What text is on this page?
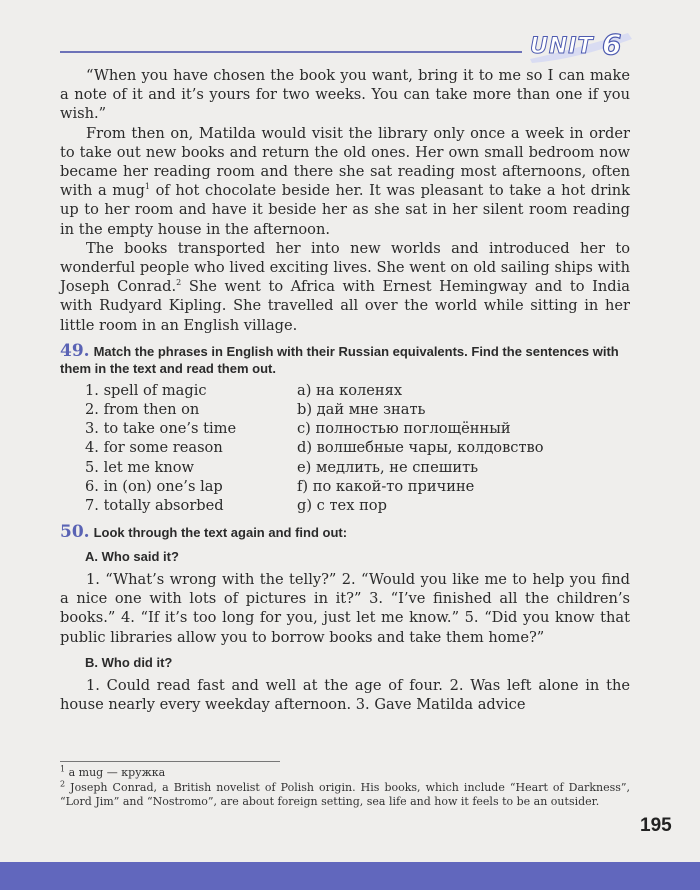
UNIT 6

“When you have chosen the book you want, bring it to me so I can make a note of it and it’s yours for two weeks. You can take more than one if you wish.”

From then on, Matilda would visit the library only once a week in order to take out new books and return the old ones. Her own small bedroom now became her reading room and there she sat reading most afternoons, often with a mug$^1$ of hot chocolate beside her. It was pleasant to take a hot drink up to her room and have it beside her as she sat in her silent room reading in the empty house in the afternoon.

The books transported her into new worlds and introduced her to wonderful people who lived exciting lives. She went on old sailing ships with Joseph Conrad.$^2$ She went to Africa with Ernest Hemingway and to India with Rudyard Kipling. She travelled all over the world while sitting in her little room in an English village.

49. Match the phrases in English with their Russian equivalents. Find the sentences with them in the text and read them out.
1. spell of magic
2. from then on
3. to take one’s time
4. for some reason
5. let me know
6. in (on) one’s lap
7. totally absorbed
a) на коленях
b) дай мне знать
c) полностью поглощённый
d) волшебные чары, колдовство
e) медлить, не спешить
f) по какой-то причине
g) с тех пор
50. Look through the text again and find out:
A. Who said it?

1. “What’s wrong with the telly?” 2. “Would you like me to help you find a nice one with lots of pictures in it?” 3. “I’ve finished all the children’s books.” 4. “If it’s too long for you, just let me know.” 5. “Did you know that public libraries allow you to borrow books and take them home?”

B. Who did it?

1. Could read fast and well at the age of four. 2. Was left alone in the house nearly every weekday afternoon. 3. Gave Matilda advice

$^1$ a mug — кружка

$^2$ Joseph Conrad, a British novelist of Polish origin. His books, which include “Heart of Darkness”, “Lord Jim” and “Nostromo”, are about foreign setting, sea life and how it feels to be an outsider.

195
